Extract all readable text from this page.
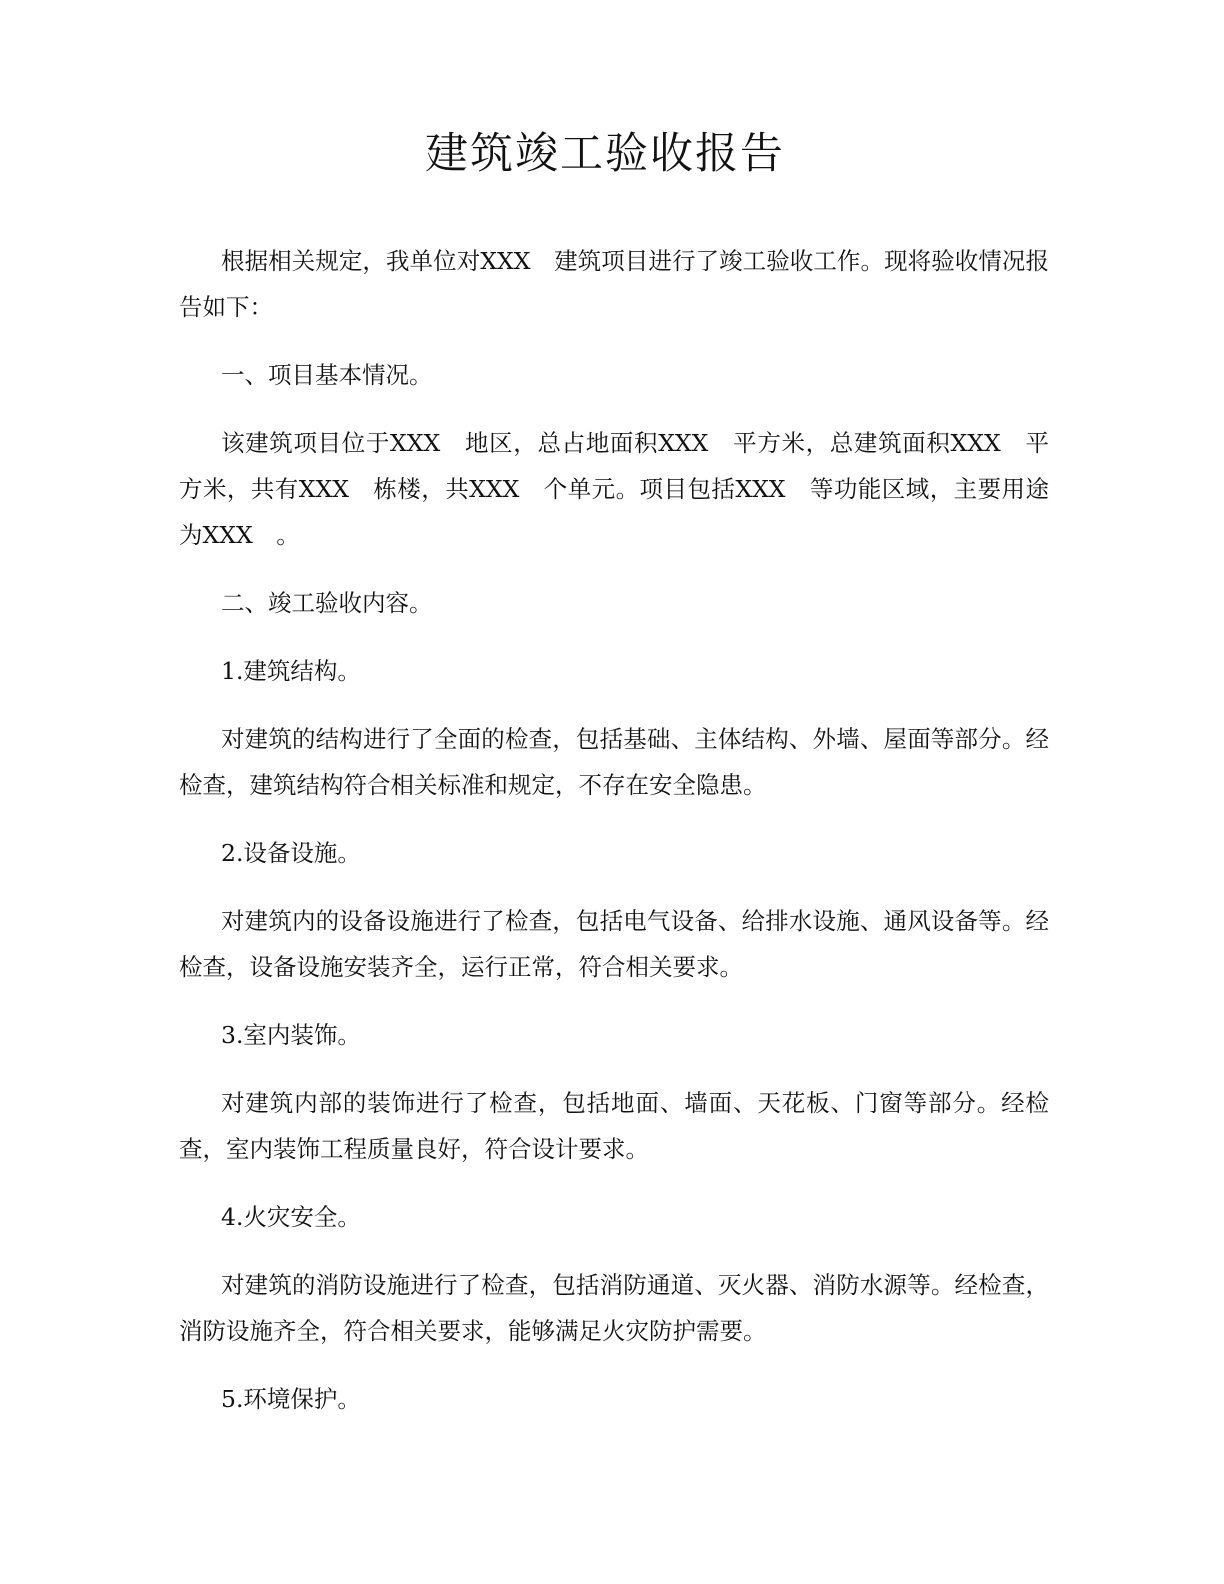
建筑竣工验收报告

根据相关规定，我单位对XXX　建筑项目进行了竣工验收工作。现将验收情况报告如下：

一、项目基本情况。

该建筑项目位于XXX　地区，总占地面积XXX　平方米，总建筑面积XXX　平方米，共有XXX　栋楼，共XXX　个单元。项目包括XXX　等功能区域，主要用途为XXX　。

二、竣工验收内容。

1.建筑结构。

对建筑的结构进行了全面的检查，包括基础、主体结构、外墙、屋面等部分。经检查，建筑结构符合相关标准和规定，不存在安全隐患。

2.设备设施。

对建筑内的设备设施进行了检查，包括电气设备、给排水设施、通风设备等。经检查，设备设施安装齐全，运行正常，符合相关要求。

3.室内装饰。

对建筑内部的装饰进行了检查，包括地面、墙面、天花板、门窗等部分。经检查，室内装饰工程质量良好，符合设计要求。

4.火灾安全。

对建筑的消防设施进行了检查，包括消防通道、灭火器、消防水源等。经检查，消防设施齐全，符合相关要求，能够满足火灾防护需要。

5.环境保护。
